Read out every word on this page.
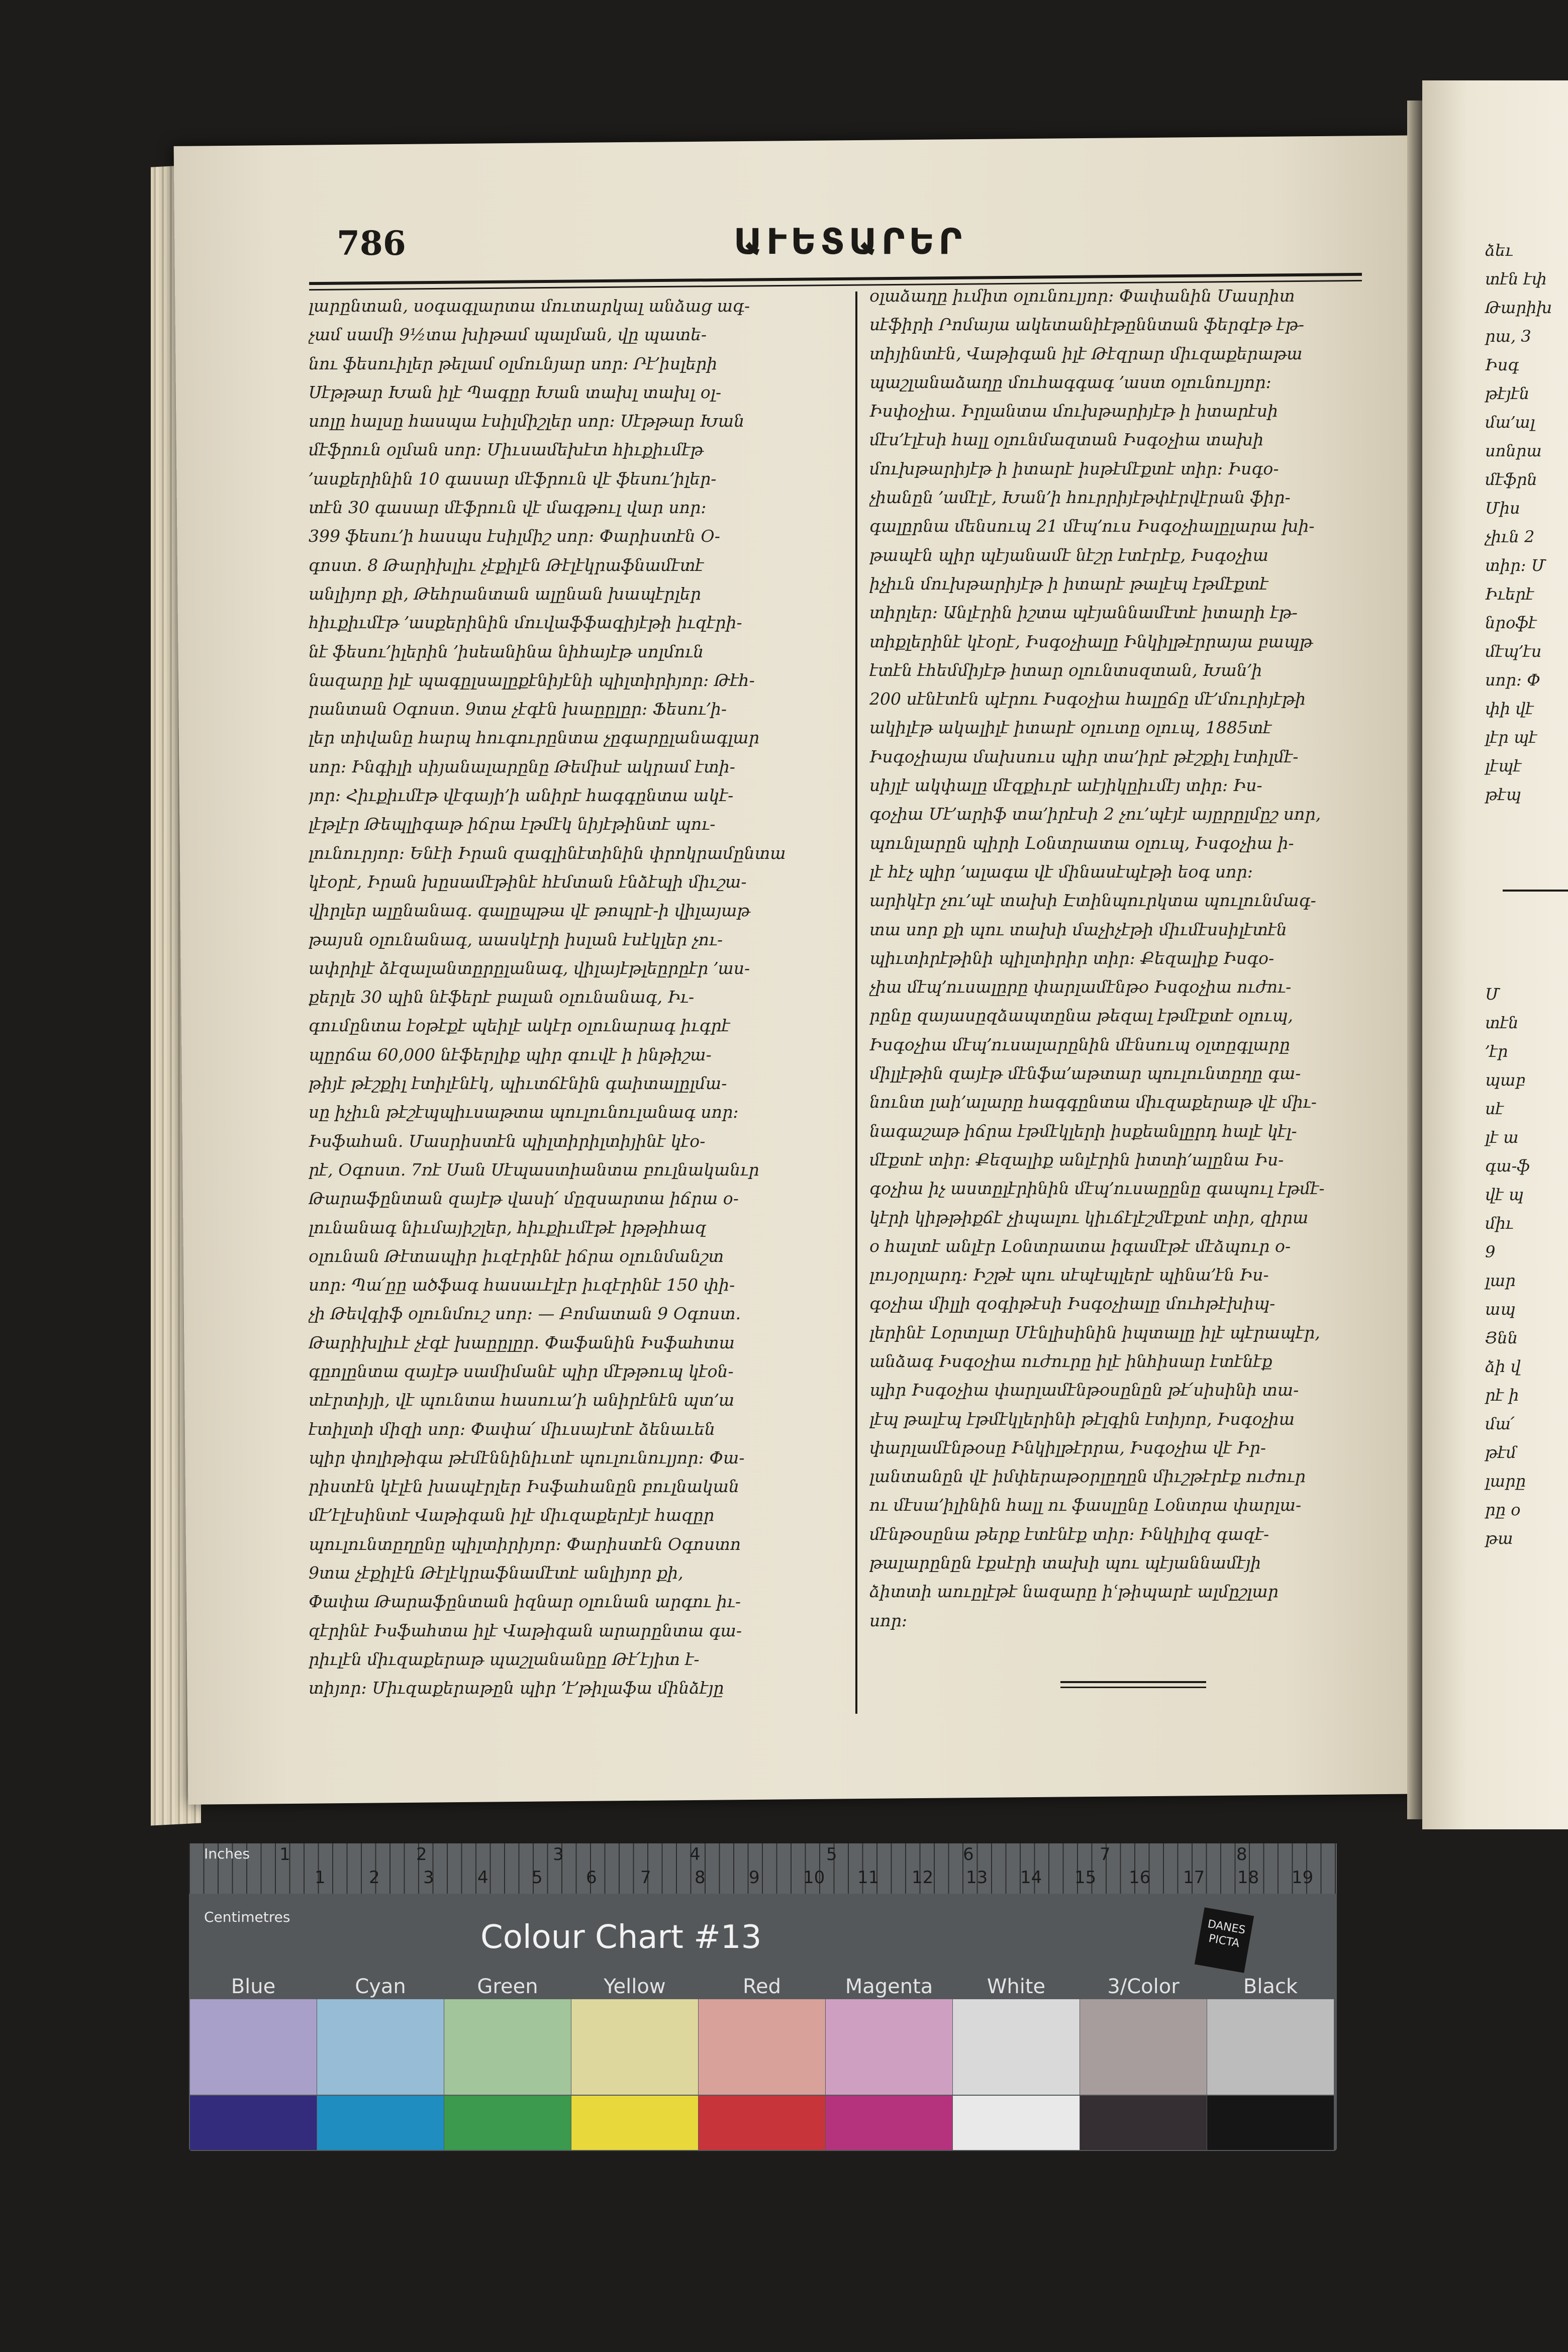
786	ԱՒԵՏԱՐԵՐ

լարընտան, սօգագլարտա մուտարկալ անձաց ագ-

չամ սամի 9½տա խիթամ պալման, վը պատե-

նու ֆեսուիլեր թելամ օլմունյար սոր։ Րէ՚իսլերի

Սէթթար Խան իլէ Պագըր Խան տախլ տախլ օլ-

սոլը հալսը հասպա էսիլմիշլեր սոր։ Սէթթար Խան

մէֆրուն օլման սոր։ Միւսամեխէտ հիւքիւմէթ

՚ասքերինին 10 գասար մէֆրուն վէ ֆեսու՚իլեր-

տէն 30 գասար մէֆրուն վէ մագթուլ վար սոր։

399 ֆեսու՚ի հասպս էսիլմիշ սոր։ Փարիստէն Օ-

գոստ. 8 Թարիխլիւ չէքիլէն Թէլէկրաֆնամէտէ

անլիյոր քի, Թեհրանտան ալընան խապէրլեր

հիւքիւմէթ ՚ասքերինին մուվաֆֆագիյէթի իւզէրի-

նէ ֆեսու՚իլերին ՚իսեանինա նիհայէթ սոլմուն

նազարը իլէ պագըլսալըքէնիյէնի պիլտիրիյոր։ Թէհ-

րանտան Օգոստ. 9տա չէգէն խաըըլըր։ Ֆեսու՚ի-

լեր տիվանը հարպ հուգուրընտա չըգարըլանագլար

սոր։ Ինգիլի սիյանալարընը Թեմիսէ ակրամ էտի-

յոր։ Հիւքիւմէթ վէգայի՚ի անիրէ հագգընտա ակէ-

լէթլէր Թեպլիգաթ իճրա էթմէկ նիյէթինտէ պու-

լունուրյոր։ Ենէի Իրան զագլինէտինին փրոկրամընտա

կէօրէ, Իրան խըսամէթինէ հէմտան էնձէպի միւշա-

վիրլեր ալընանագ. գալըպթա վէ թոպրէ-ի վիլայաթ

թայսն օլունանագ, աասկէրի իսլան էսէկլեր չու-

ափրիլէ ձէզալանտըրըլանագ, վիլայէթլեըրըէր ՚աս-

քերլե 30 պին նէֆերէ բալան օլունանագ, Իւ-

գումընտա էօթէքէ պեիլէ ակէր օլունարագ իւգրէ

պըրճա 60,000 նէֆերլիք պիր գուվէ ի ինթիշա-

թիյէ թէշքիլ էտիլէնէկ, պիւտճէնին գաիտալըլմա-

սը իչիւն թէշէպպիւսաթտա պուլունուլանագ սոր։

Իսֆահան. Մասրիստէն պիլտիրիլտիյինէ կէօ-

րէ, Օգոստ. 7ռէ Սան Սէպաստիանտա բուլնականւր

Թարաֆընտան զայէթ վասի՛ մըզսարտա իճրա օ-

լունանագ նիւմայիշլեր, հիւքիւմէթէ իթթիհազ

օլունան Թէտապիր իւզէրինէ իճրա օլունմանշտ

սոր։ Պա՛ըը ածֆագ հասաւէլէր իւզէրինէ 150 փի-

չի Թեվգիֆ օլունմուշ սոր։ — Բոմատան 9 Օգոստ.

Թարիխլիւէ չէգէ խաըըլըր. Փաֆանին Իսֆահտա

գըոլընտա զայէթ սամիմանէ պիր մէթթուպ կէօն-

տէրտիյի, վէ պունտա հասուա՚ի անիրէնէն պտ՚ա

էտիլտի միզի սոր։ Փափա՛ միւսայէտէ ձենաւեն

պիր փոլիթիգա թէմէննինիւտէ պուլունուլյոր։ Փա-

րիստէն կէլէն խապէրլեր Իսֆահանըն բուլնական

մէ՚էլէսինտէ Վաթիգան իլէ միւզաքերէյէ հազըր

պուլունտըղընը պիլտիրիյոր։ Փարիստէն Օգոստո

9տա չէքիլէն Թէլէկրաֆնամէտէ անլիյոր քի,

Փափա Թարաֆընտան իզնար օլունան արգու իւ-

զէրինէ Իսֆահտա իլէ Վաթիգան արարընտա գա-

րիւլէն միւզաքերաթ պաշլանանըը Թէ՛էյիտ է-

տիյոր։ Միւզաքերաթըն պիր ՚է՚թիլաֆա մինձէյը

օլաձաղը իւմիտ օլունուլյոր։ Փափանին Մասրիտ

սէֆիրի Րոմայա ակետանիէթըննտան ֆերգէթ էթ-

տիյինտէն, Վաթիգան իլէ Թէզրար միւզաքերաթա

պաշլանաձաղը մուհագգագ ՚աստ օլունուլյոր։

Իսփօչիա. Իրլանտա մուխթարիյէթ ի իտարէսի

մէս՚էլէսի հալլ օլունմազտան Իսգօչիա տախի

մուխթարիյէթ ի իտարէ իսթէմէքտէ տիր։ Իսգօ-

չիանըն ՚ամէլէ, Խան՚ի հուրրիյէթփէրվէրան ֆիր-

գալըրնա մենսուպ 21 մէպ՚ուս Իսգօչիալըլարա խի-

թապէն պիր պէյանամէ նէշր էտէրէք, Իսգօչիա

իչիւն մուխթարիյէթ ի իտարէ թալէպ էթմէքտէ

տիրլեր։ Անլէրին իշտա պէյաննամէտէ իտարի էթ-

տիքլերինէ կէօրէ, Իսգօչիալը Ինկիլթէրրայա բապթ

էտէն էհեմմիյէթ իտար օլունտսզտան, Խան՚ի

200 սէնէտէն պէրու Իսգօչիա հալըճը մէ՚մուրիյէթի

ակիլէթ ակալիլէ իտարէ օլուտը օլուպ, 1885տէ

Իսգօչիայա մախսուս պիր տա՚իրէ թէշքիլ էտիլմէ-

սիյլէ ակփալը մէզքիւրէ աէյիկըիւմէյ տիր։ Իս-

գօչիա Մէ՚արիֆ տա՚իրէսի 2 չու՚պէյէ այըրըլմըշ սոր,

պունլարըն պիրի Լօնտրատա օլուպ, Իսգօչիա ի-

լէ հէչ պիր ՚ալագա վէ մինասէպէթի եօգ սոր։

արիկէր չու՚պէ տախի Էտինպուրկտա պուլունմագ-

տա սոր քի պու տախի մաչիչէթի միւմէսսիլէտէն

պիւտիրէթինի պիլտիրիր տիր։ Քեզալիք Իսգօ-

չիա մէպ՚ուսալըրը փարլամէնթօ Իսգօչիա ուժու-

րընը զայասըզձապտընա թեզալ էթմէքտէ օլուպ,

Իսգօչիա մէպ՚ուսալարընին մէնսուպ օլտըգլարը

միլլէթին զայէթ մէնֆա՚աթտար պուլունտըղը գա-

նունտ լաի՚ալարը հագգընտա միւզաքերաթ վէ միւ-

նագաշաթ իճրա էթմէկլերի իսքեանլըրդ հալէ կէլ-

մէքտէ տիր։ Քեզալիք անլէրին իտտի՚ալընա Իս-

գօչիա իչ աստըլէրինին մէպ՚ուսաըընը գապուլ էթմէ-

կէրի կիթթիքճէ չիպալու կիւճէլէշմէքտէ տիր, զիրա

օ հալտէ անլէր Լօնտրատա իգամէթէ մէձպուր օ-

լույօրլարդ։ Իշթէ պու սէպէպլերէ պինա՚էն Իս-

գօչիա միլլի զօգիթէսի Իսգօչիալը մուհթէխիպ-

լերինէ Լօրտլար Մէնլիսինին իպտալը իլէ պէրապէր,

անձագ Իսգօչիա ուժուրը իլէ ինհիսար էտէնէք

պիր Իսգօչիա փարլամէնթօսընըն թէ՛սիսինի տա-

լէպ թալէպ էթմէկլերինի թէլգին էտիյոր, Իսգօչիա

փարլամէնթօսը Ինկիլթէրրա, Իսգօչիա վէ Իր-

լանտանըն վէ իմփերաթօրլըղըն միւշթէրէք ուժուր

ու մէսա՚իլինին հալլ ու ֆասլընը Լօնտրա փարլա-

մէնթօսընա թերք էտէնէք տիր։ Ինկիլիզ գազէ-

թալարընըն էքսէրի տախի պու պէյաննամէյի

ձիտտի աուըլէթէ նազարը իՙթիպարէ ալմըշլար

սոր։

ձեւ
տէն էփ
Թարիխ
րա, 3
Իսգ
թէյէն
մա՚ալ
սոնրա
մէֆրն
Միս
չիւն 2
տիր։ Մ
Իւերէ
նրօֆէ
մէպ՚էս
սոր։ Փ
փի վէ
լէր պէ
լէպէ
թէպ
Մ
տէն
՚էր
պաբ
սէ
լէ ա
գա-ֆ
վէ պ
միւ
9
լար
ապ
Յնն
ձի վ
րէ ի
մա՛
թէմ
լարը
րը օ
թա
Inches
Centimetres
1	2	3	4	5	6	7	8
1	2	3	4	5	6	7	8	9	10 11 12 13 14 15 16 17 18 19
Colour Chart #13	DANES
PICTA
Blue	Cyan	Green	Yellow	Red	Magenta	White	3/Color	Black
